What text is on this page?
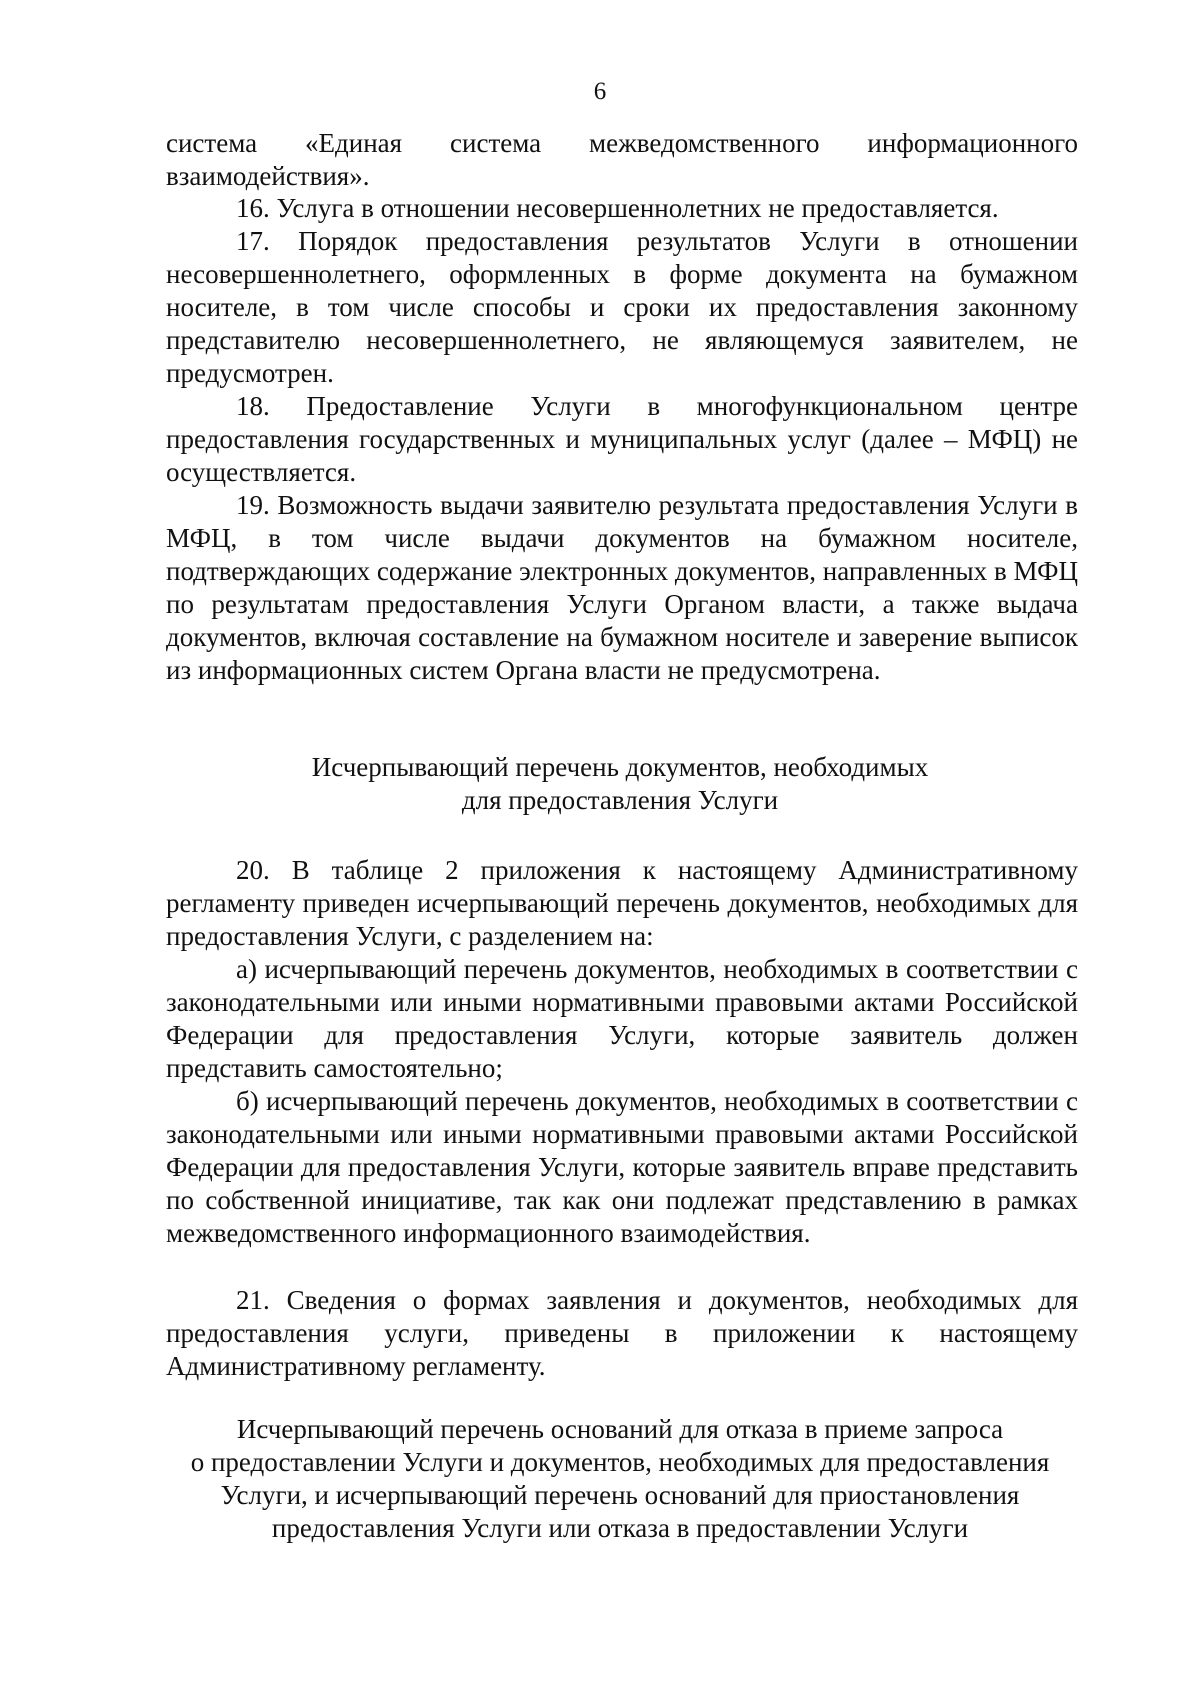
6
система «Единая система межведомственного информационного взаимодействия».
16. Услуга в отношении несовершеннолетних не предоставляется.
17. Порядок предоставления результатов Услуги в отношении несовершеннолетнего, оформленных в форме документа на бумажном носителе, в том числе способы и сроки их предоставления законному представителю несовершеннолетнего, не являющемуся заявителем, не предусмотрен.
18. Предоставление Услуги в многофункциональном центре предоставления государственных и муниципальных услуг (далее – МФЦ) не осуществляется.
19. Возможность выдачи заявителю результата предоставления Услуги в МФЦ, в том числе выдачи документов на бумажном носителе, подтверждающих содержание электронных документов, направленных в МФЦ по результатам предоставления Услуги Органом власти, а также выдача документов, включая составление на бумажном носителе и заверение выписок из информационных систем Органа власти не предусмотрена.
Исчерпывающий перечень документов, необходимых
для предоставления Услуги
20. В таблице 2 приложения к настоящему Административному регламенту приведен исчерпывающий перечень документов, необходимых для предоставления Услуги, с разделением на:
а) исчерпывающий перечень документов, необходимых в соответствии с законодательными или иными нормативными правовыми актами Российской Федерации для предоставления Услуги, которые заявитель должен представить самостоятельно;
б) исчерпывающий перечень документов, необходимых в соответствии с законодательными или иными нормативными правовыми актами Российской Федерации для предоставления Услуги, которые заявитель вправе представить по собственной инициативе, так как они подлежат представлению в рамках межведомственного информационного взаимодействия.
21. Сведения о формах заявления и документов, необходимых для предоставления услуги, приведены в приложении к настоящему Административному регламенту.
Исчерпывающий перечень оснований для отказа в приеме запроса
о предоставлении Услуги и документов, необходимых для предоставления
Услуги, и исчерпывающий перечень оснований для приостановления
предоставления Услуги или отказа в предоставлении Услуги
